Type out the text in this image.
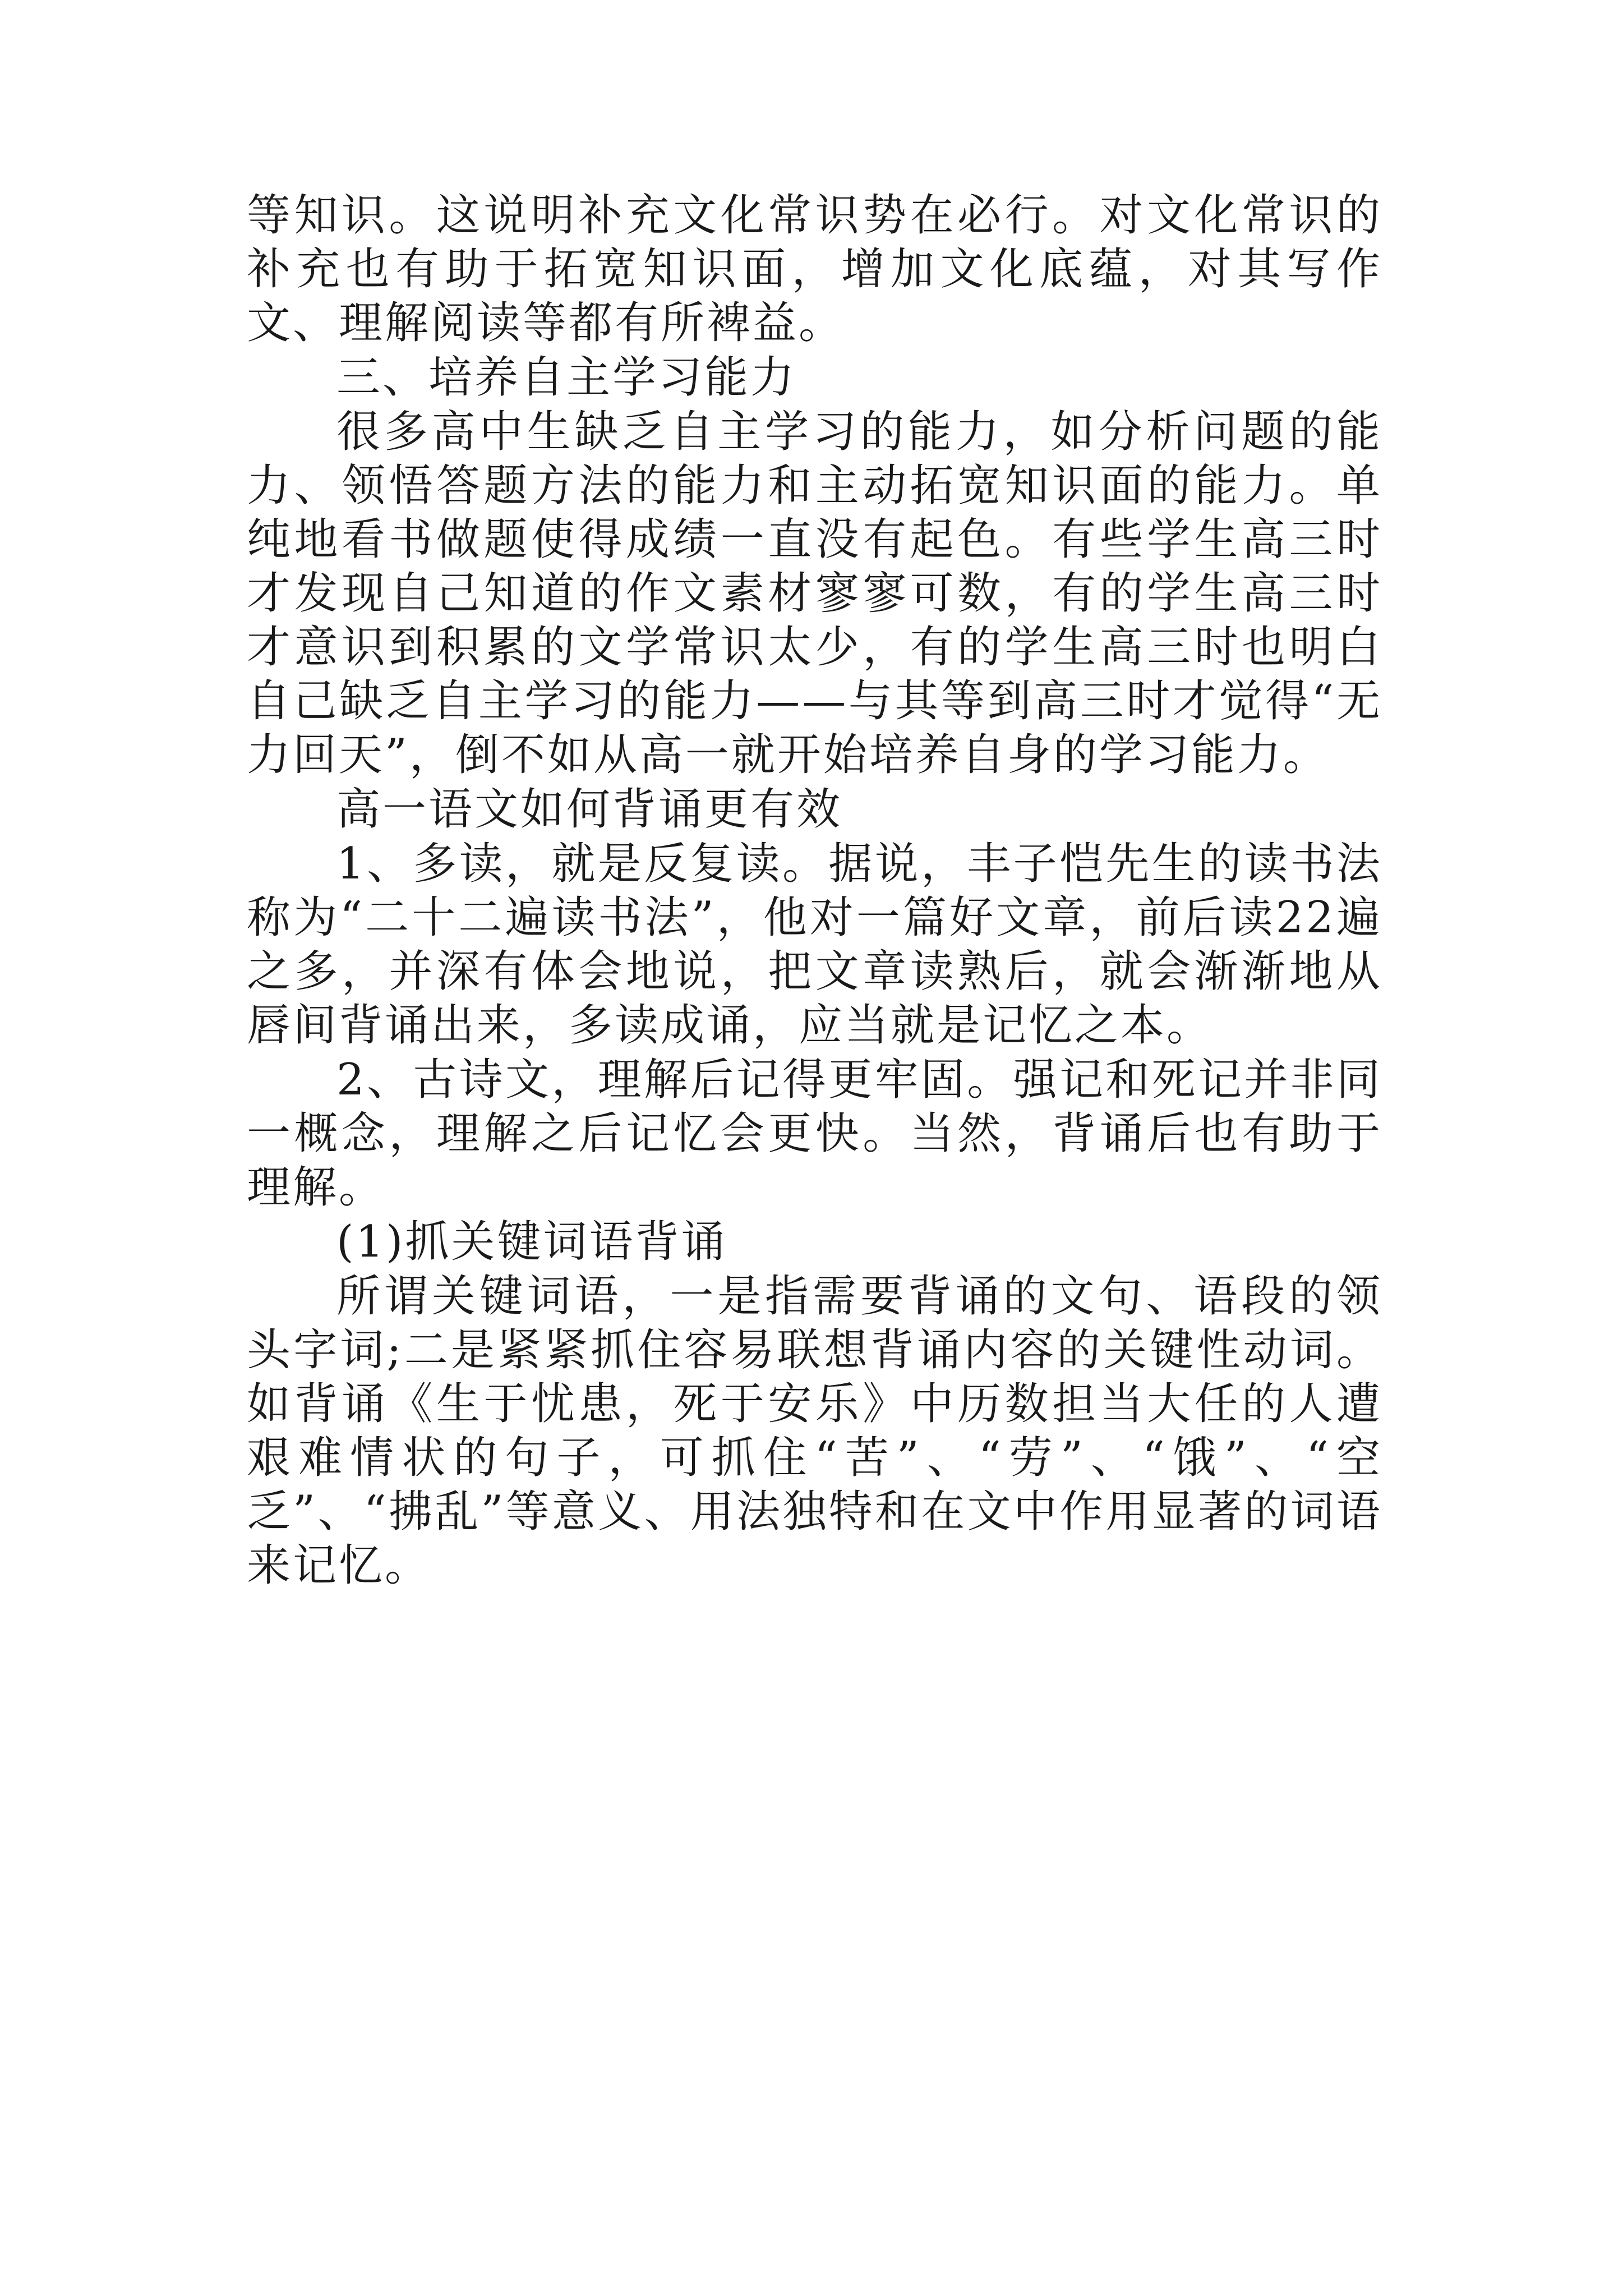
等知识。这说明补充文化常识势在必行。对文化常识的补充也有助于拓宽知识面，增加文化底蕴，对其写作文、理解阅读等都有所裨益。

三、培养自主学习能力

很多高中生缺乏自主学习的能力，如分析问题的能力、领悟答题方法的能力和主动拓宽知识面的能力。单纯地看书做题使得成绩一直没有起色。有些学生高三时才发现自己知道的作文素材寥寥可数，有的学生高三时才意识到积累的文学常识太少，有的学生高三时也明白自己缺乏自主学习的能力——与其等到高三时才觉得“无力回天”，倒不如从高一就开始培养自身的学习能力。

高一语文如何背诵更有效

1、多读，就是反复读。据说，丰子恺先生的读书法称为“二十二遍读书法”，他对一篇好文章，前后读22遍之多，并深有体会地说，把文章读熟后，就会渐渐地从唇间背诵出来，多读成诵，应当就是记忆之本。

2、古诗文，理解后记得更牢固。强记和死记并非同一概念，理解之后记忆会更快。当然，背诵后也有助于理解。

(1)抓关键词语背诵

所谓关键词语，一是指需要背诵的文句、语段的领头字词;二是紧紧抓住容易联想背诵内容的关键性动词。如背诵《生于忧患，死于安乐》中历数担当大任的人遭艰难情状的句子，可抓住“苦”、“劳”、“饿”、“空乏”、“拂乱”等意义、用法独特和在文中作用显著的词语来记忆。
